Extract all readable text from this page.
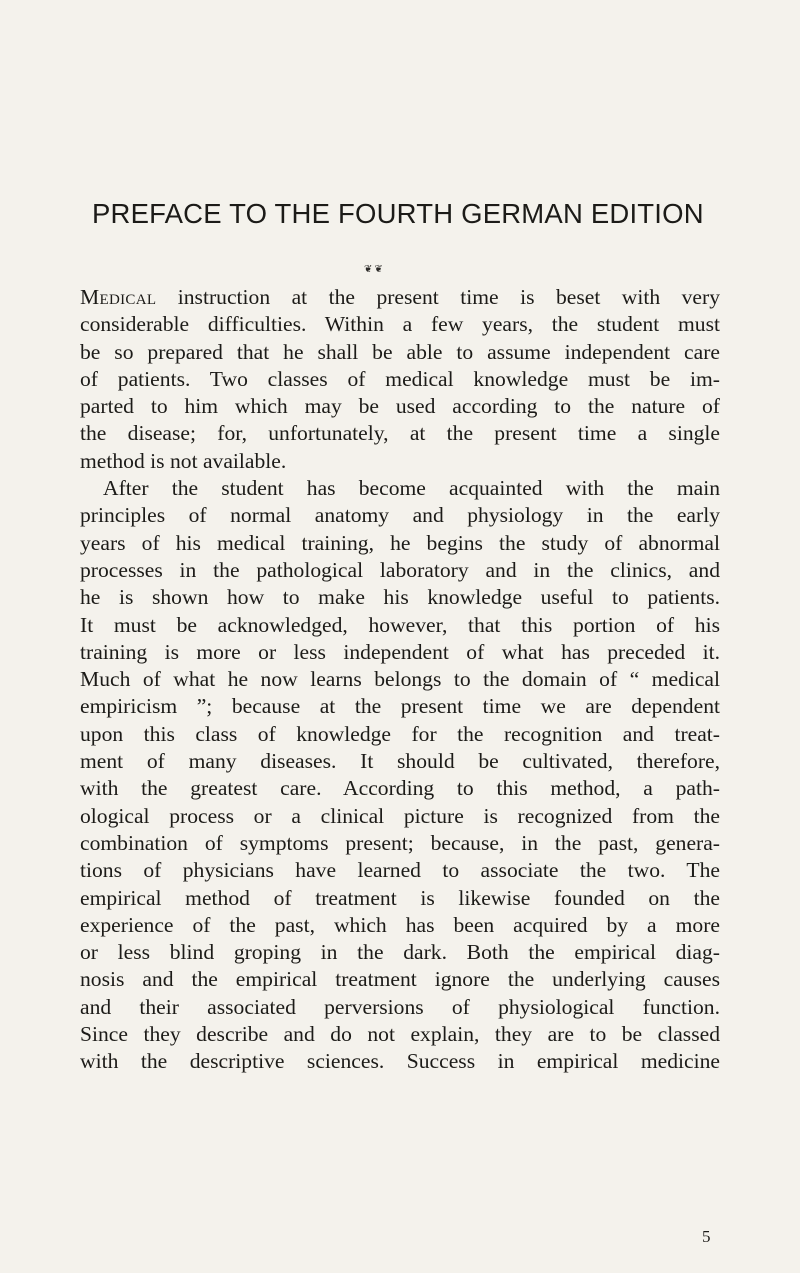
PREFACE TO THE FOURTH GERMAN EDITION
❦❦
Medical instruction at the present time is beset with very
considerable difficulties. Within a few years, the student must
be so prepared that he shall be able to assume independent care
of patients. Two classes of medical knowledge must be im-
parted to him which may be used according to the nature of
the disease; for, unfortunately, at the present time a single
method is not available.
After the student has become acquainted with the main
principles of normal anatomy and physiology in the early
years of his medical training, he begins the study of abnormal
processes in the pathological laboratory and in the clinics, and
he is shown how to make his knowledge useful to patients.
It must be acknowledged, however, that this portion of his
training is more or less independent of what has preceded it.
Much of what he now learns belongs to the domain of “ medical
empiricism ”; because at the present time we are dependent
upon this class of knowledge for the recognition and treat-
ment of many diseases. It should be cultivated, therefore,
with the greatest care. According to this method, a path-
ological process or a clinical picture is recognized from the
combination of symptoms present; because, in the past, genera-
tions of physicians have learned to associate the two. The
empirical method of treatment is likewise founded on the
experience of the past, which has been acquired by a more
or less blind groping in the dark. Both the empirical diag-
nosis and the empirical treatment ignore the underlying causes
and their associated perversions of physiological function.
Since they describe and do not explain, they are to be classed
with the descriptive sciences. Success in empirical medicine
5
